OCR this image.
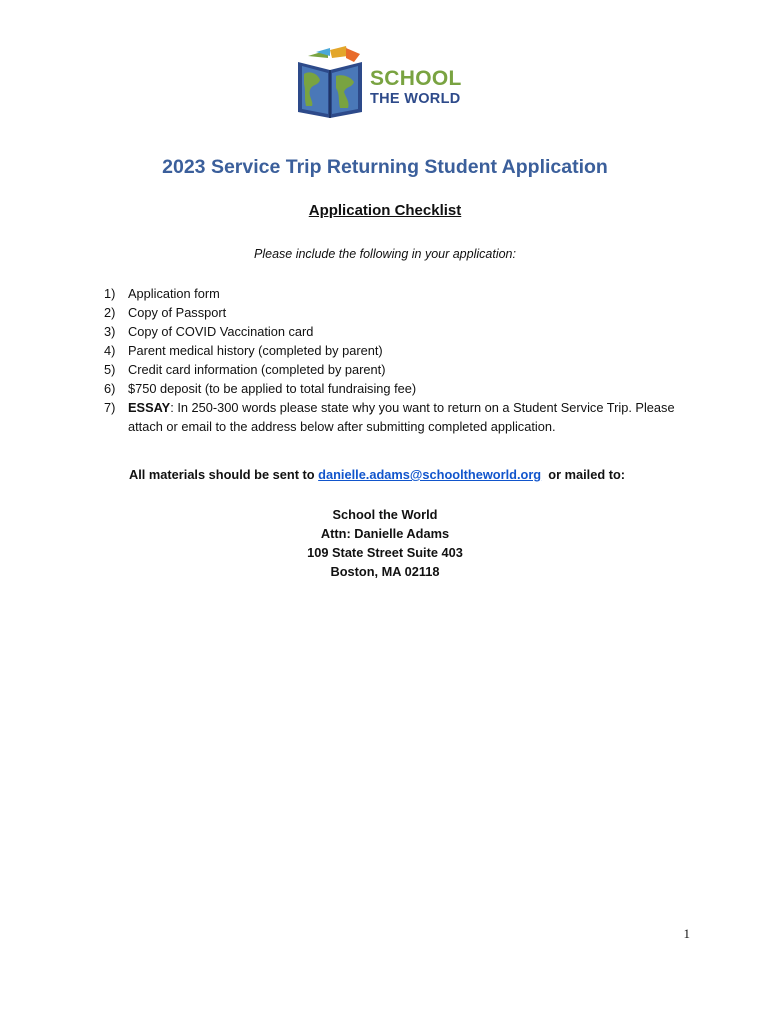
SCHOOL
THE WORLD
2023 Service Trip Returning Student Application
Application Checklist
Please include the following in your application:
1) Application form
2) Copy of Passport
3) Copy of COVID Vaccination card
4) Parent medical history (completed by parent)
5) Credit card information (completed by parent)
6) $750 deposit (to be applied to total fundraising fee)
7) ESSAY: In 250-300 words please state why you want to return on a Student Service Trip. Please attach or email to the address below after submitting completed application.
All materials should be sent to danielle.adams@schooltheworld.org or mailed to:
School the World
Attn: Danielle Adams
109 State Street Suite 403
Boston, MA 02118
1
